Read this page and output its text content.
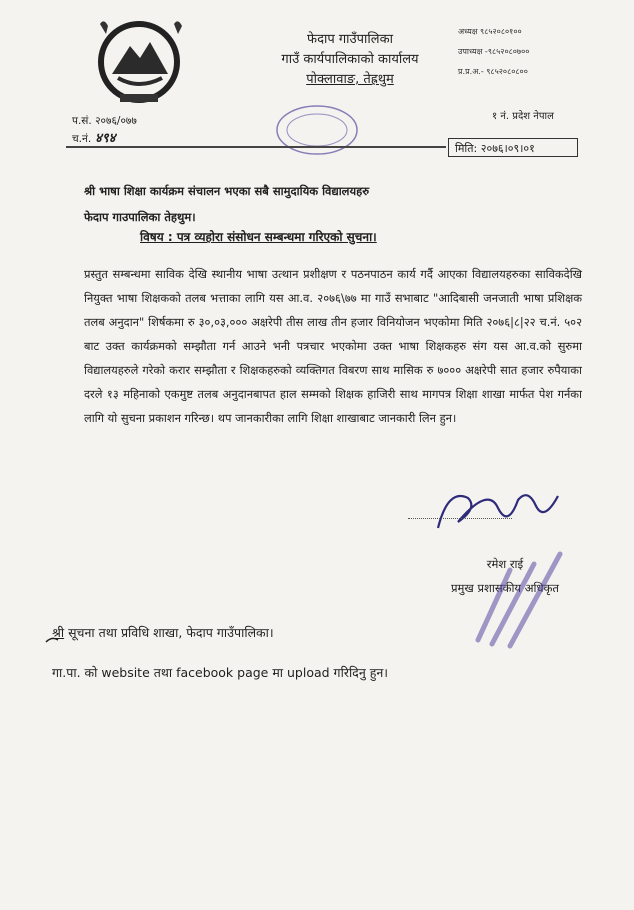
फेदाप गाउँपालिका
गाउँ कार्यपालिकाको कार्यालय
पोक्लावाङ, तेह्रथुम
अध्यक्ष ९८५२०८०१००
उपाध्यक्ष -९८५२०८०७००
प्र.प्र.अ.- ९८५२०८०८००
१ नं. प्रदेश नेपाल
प.सं. २०७६/०७७
च.नं. ४९४
मिति: २०७६।०९।०१
श्री भाषा शिक्षा कार्यक्रम संचालन भएका सबै सामुदायिक विद्यालयहरु
फेदाप गाउपालिका तेहथुम।
विषय : पत्र व्यहोरा संसोधन सम्बन्धमा गरिएको सुचना।
प्रस्तुत सम्बन्धमा साविक देखि स्थानीय भाषा उत्थान प्रशीक्षण र पठनपाठन कार्य गर्दै आएका विद्यालयहरुका साविकदेखि नियुक्त भाषा शिक्षकको तलब भत्ताका लागि यस आ.व. २०७६\७७ मा गाउँ सभाबाट "आदिबासी जनजाती भाषा प्रशिक्षक तलब अनुदान" शिर्षकमा रु ३०,०३,००० अक्षरेपी तीस लाख तीन हजार विनियोजन भएकोमा मिति २०७६|८|२२ च.नं. ५०२ बाट उक्त कार्यक्रमको सम्झौता गर्न आउने भनी पत्रचार भएकोमा उक्त भाषा शिक्षकहरु संग यस आ.व.को सुरुमा विद्यालयहरुले गरेको करार सम्झौता र शिक्षकहरुको व्यक्तिगत विबरण साथ मासिक रु ७००० अक्षरेपी सात हजार रुपैयाका दरले १३ महिनाको एकमुष्ट तलब अनुदानबापत हाल सम्मको शिक्षक हाजिरी साथ मागपत्र शिक्षा शाखा मार्फत पेश गर्नका लागि यो सुचना प्रकाशन गरिन्छ। थप जानकारीका लागि शिक्षा शाखाबाट जानकारी लिन हुन।
रमेश राई
प्रमुख प्रशासकीय अधिकृत
श्री सूचना तथा प्रविधि शाखा, फेदाप गाउँपालिका।
गा.पा. को website तथा facebook page मा upload गरिदिनु हुन।
